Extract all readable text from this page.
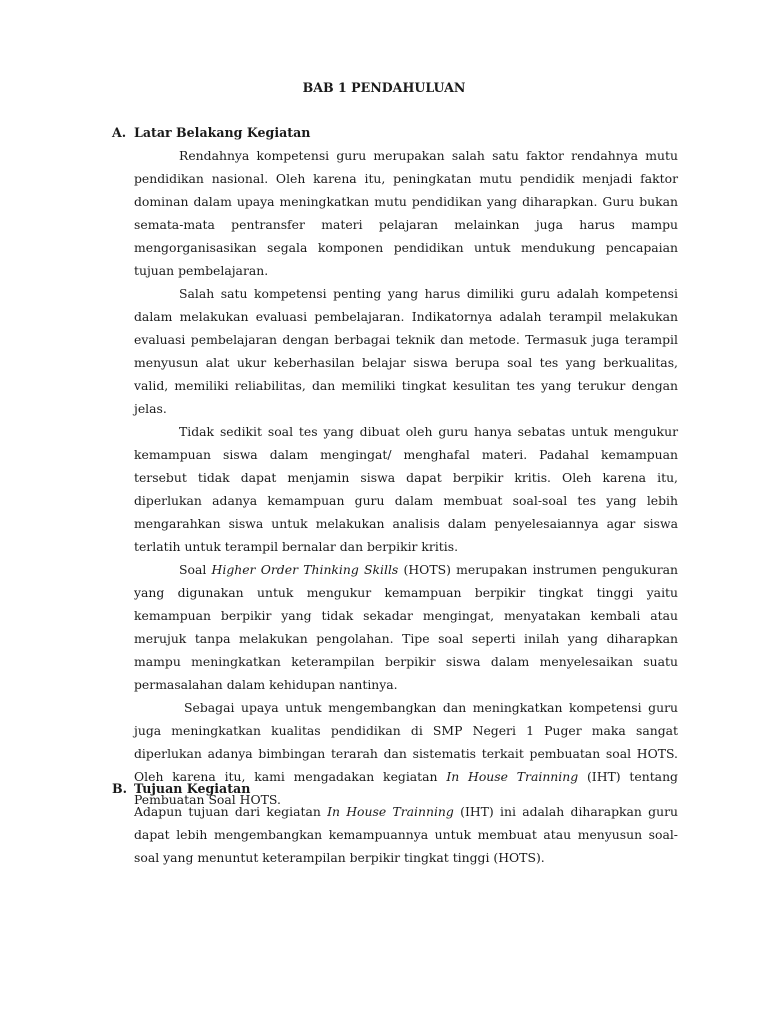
BAB 1 PENDAHULUAN
A. Latar Belakang Kegiatan

Rendahnya kompetensi guru merupakan salah satu faktor rendahnya mutu pendidikan nasional. Oleh karena itu, peningkatan mutu pendidik menjadi faktor dominan dalam upaya meningkatkan mutu pendidikan yang diharapkan. Guru bukan semata-mata pentransfer materi pelajaran melainkan juga harus mampu mengorganisasikan segala komponen pendidikan untuk mendukung pencapaian tujuan pembelajaran.

Salah satu kompetensi penting yang harus dimiliki guru adalah kompetensi dalam melakukan evaluasi pembelajaran. Indikatornya adalah terampil melakukan evaluasi pembelajaran dengan berbagai teknik dan metode. Termasuk juga terampil menyusun alat ukur keberhasilan belajar siswa berupa soal tes yang berkualitas, valid, memiliki reliabilitas, dan memiliki tingkat kesulitan tes yang terukur dengan jelas.

Tidak sedikit soal tes yang dibuat oleh guru hanya sebatas untuk mengukur kemampuan siswa dalam mengingat/ menghafal materi. Padahal kemampuan tersebut tidak dapat menjamin siswa dapat berpikir kritis. Oleh karena itu, diperlukan adanya kemampuan guru dalam membuat soal-soal tes yang lebih mengarahkan siswa untuk melakukan analisis dalam penyelesaiannya agar siswa terlatih untuk terampil bernalar dan berpikir kritis.

Soal Higher Order Thinking Skills (HOTS) merupakan instrumen pengukuran yang digunakan untuk mengukur kemampuan berpikir tingkat tinggi yaitu kemampuan berpikir yang tidak sekadar mengingat, menyatakan kembali atau merujuk tanpa melakukan pengolahan. Tipe soal seperti inilah yang diharapkan mampu meningkatkan keterampilan berpikir siswa dalam menyelesaikan suatu permasalahan dalam kehidupan nantinya.

Sebagai upaya untuk mengembangkan dan meningkatkan kompetensi guru juga meningkatkan kualitas pendidikan di SMP Negeri 1 Puger maka sangat diperlukan adanya bimbingan terarah dan sistematis terkait pembuatan soal HOTS. Oleh karena itu, kami mengadakan kegiatan In House Trainning (IHT) tentang Pembuatan Soal HOTS.

B. Tujuan Kegiatan

Adapun tujuan dari kegiatan In House Trainning (IHT) ini adalah diharapkan guru dapat lebih mengembangkan kemampuannya untuk membuat atau menyusun soal-soal yang menuntut keterampilan berpikir tingkat tinggi (HOTS).
